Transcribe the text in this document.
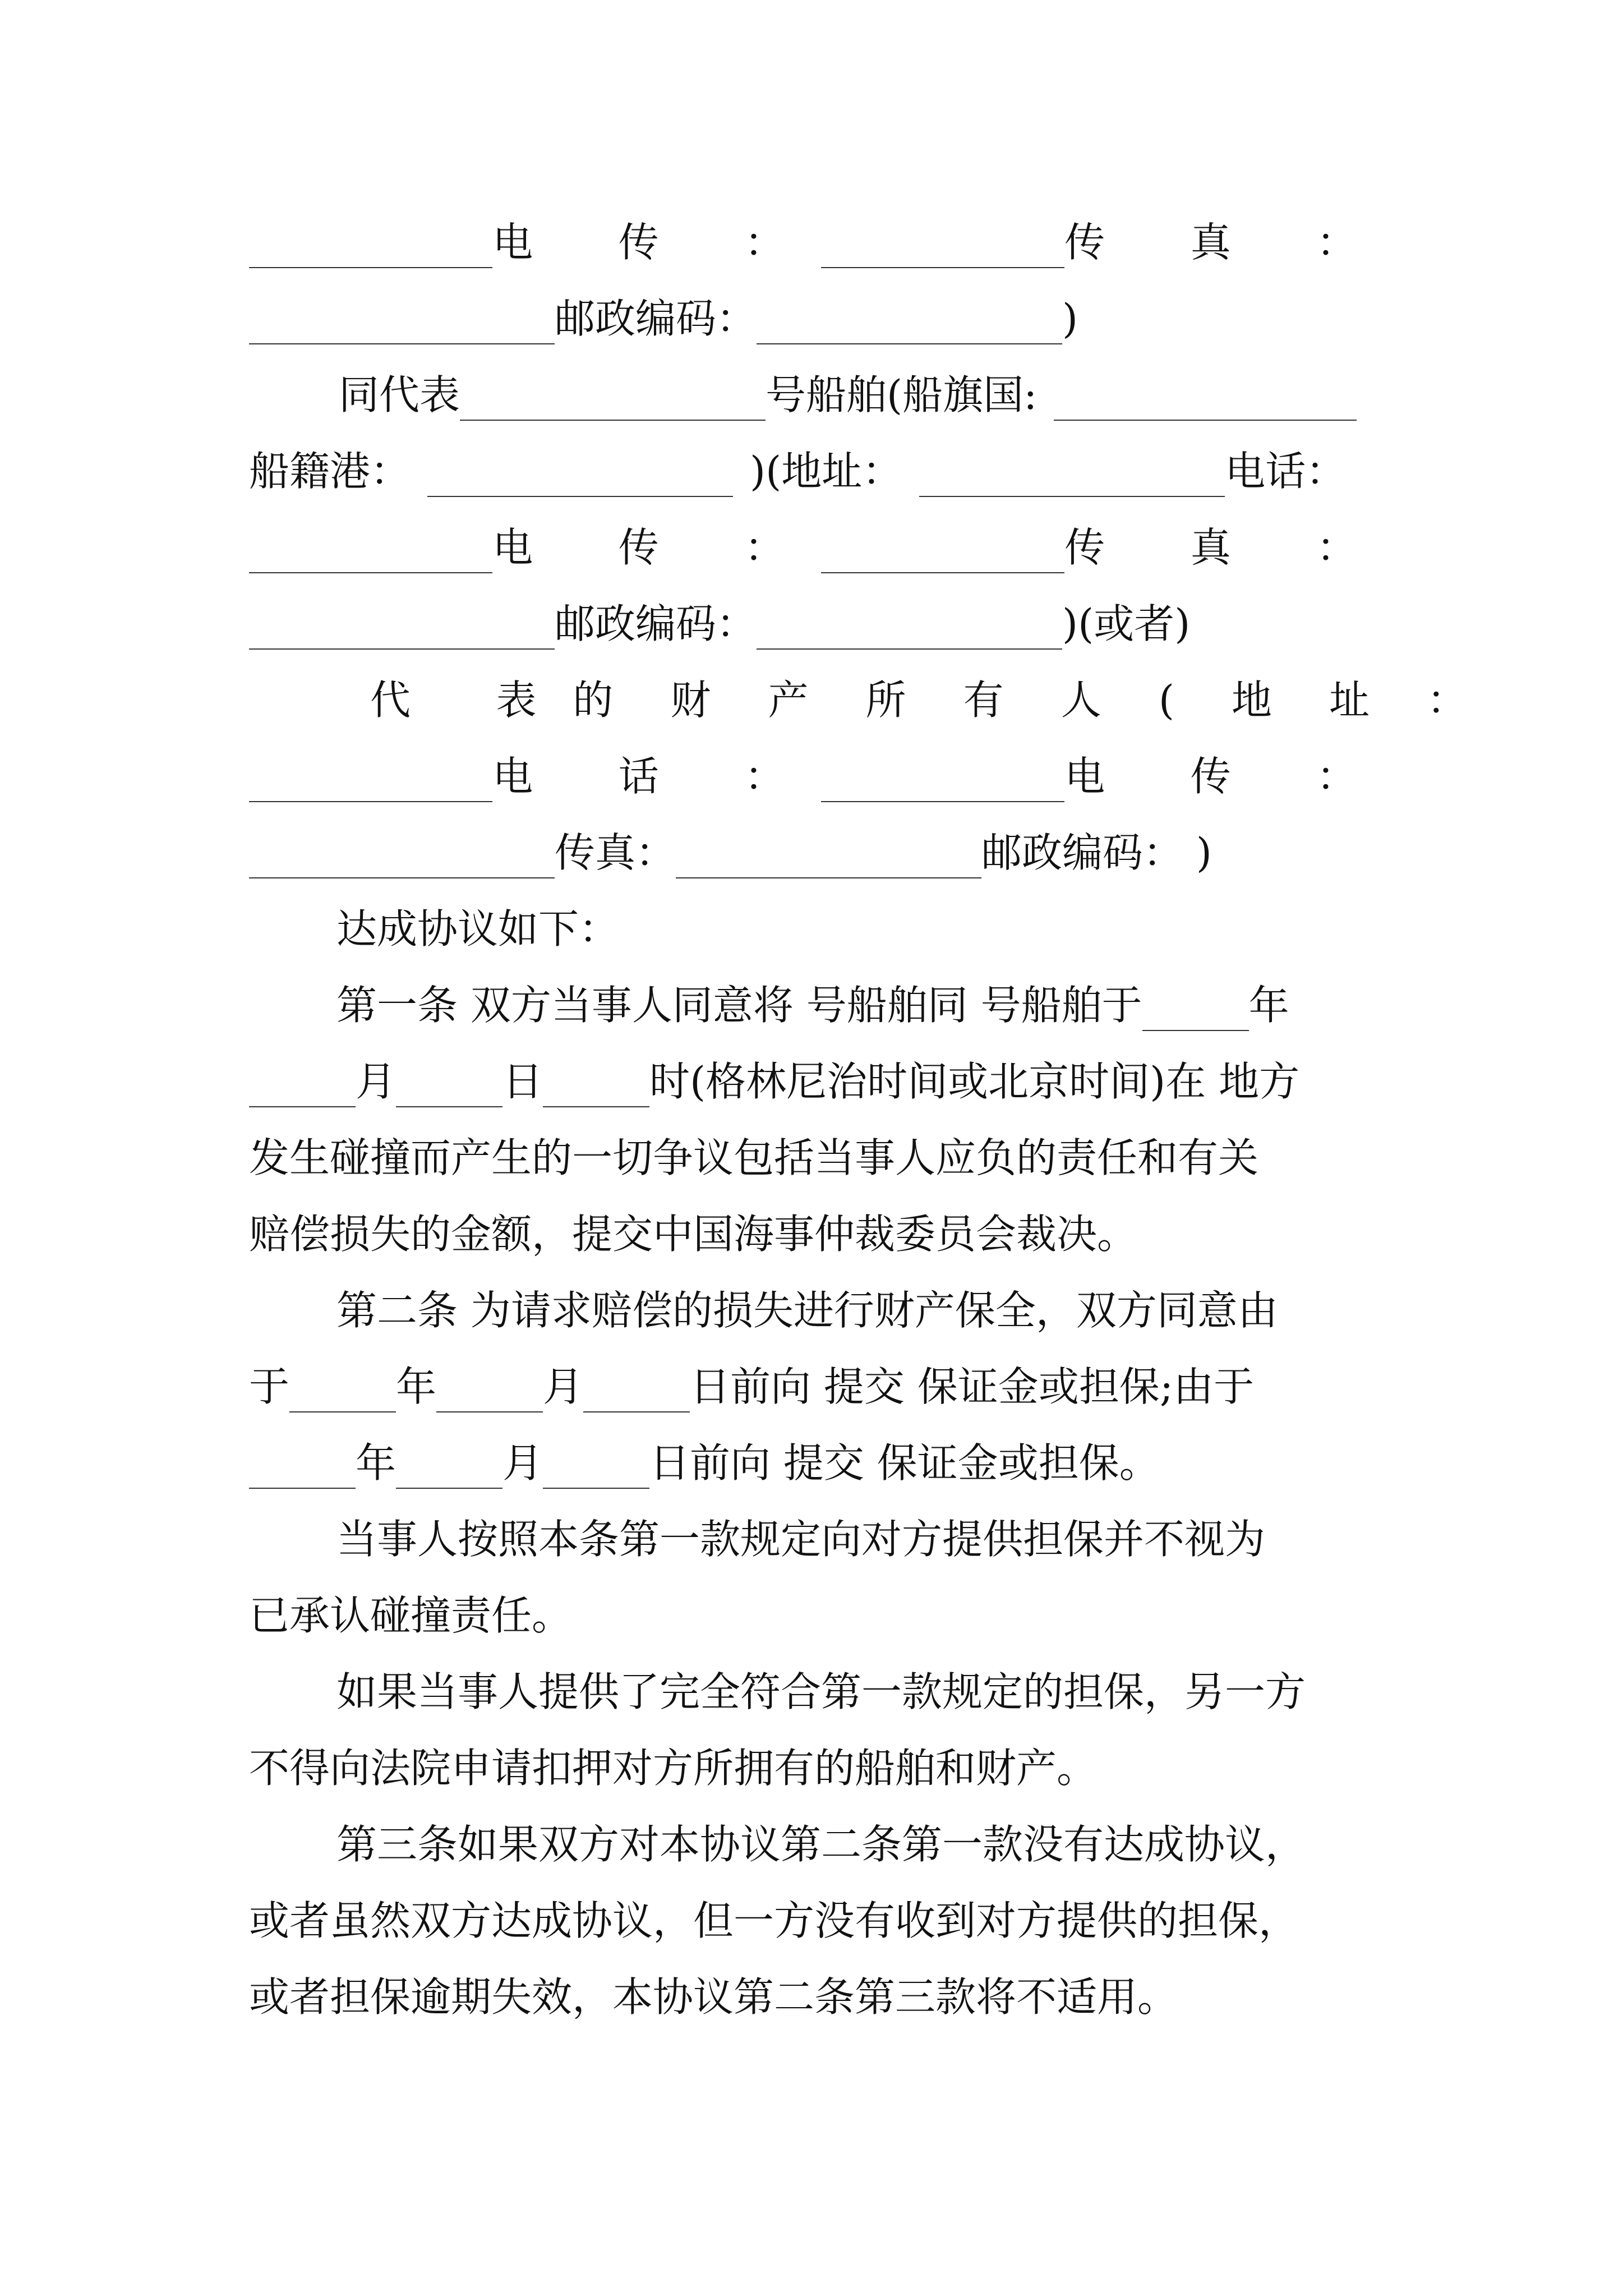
电 传 ：	传 真 ：
邮政编码：	)
同代表	号船舶(船旗国:
船籍港：	)(地址：	电话：
电 传 ：	传 真 ：
邮政编码：	)(或者)
代 表 的 财 产 所 有 人 ( 地 址 ：
电 话 ：	电 传 ：
传真：	邮政编码： )
达成协议如下：
第一条 双方当事人同意将 号船舶同 号船舶于	年
月	日	时(格林尼治时间或北京时间)在 地方
发生碰撞而产生的一切争议包括当事人应负的责任和有关
赔偿损失的金额，提交中国海事仲裁委员会裁决。
第二条 为请求赔偿的损失进行财产保全，双方同意由
于	年	月	日前向 提交 保证金或担保;由于
年	月	日前向 提交 保证金或担保。
当事人按照本条第一款规定向对方提供担保并不视为
已承认碰撞责任。
如果当事人提供了完全符合第一款规定的担保，另一方
不得向法院申请扣押对方所拥有的船舶和财产。
第三条如果双方对本协议第二条第一款没有达成协议，
或者虽然双方达成协议，但一方没有收到对方提供的担保，
或者担保逾期失效，本协议第二条第三款将不适用。
